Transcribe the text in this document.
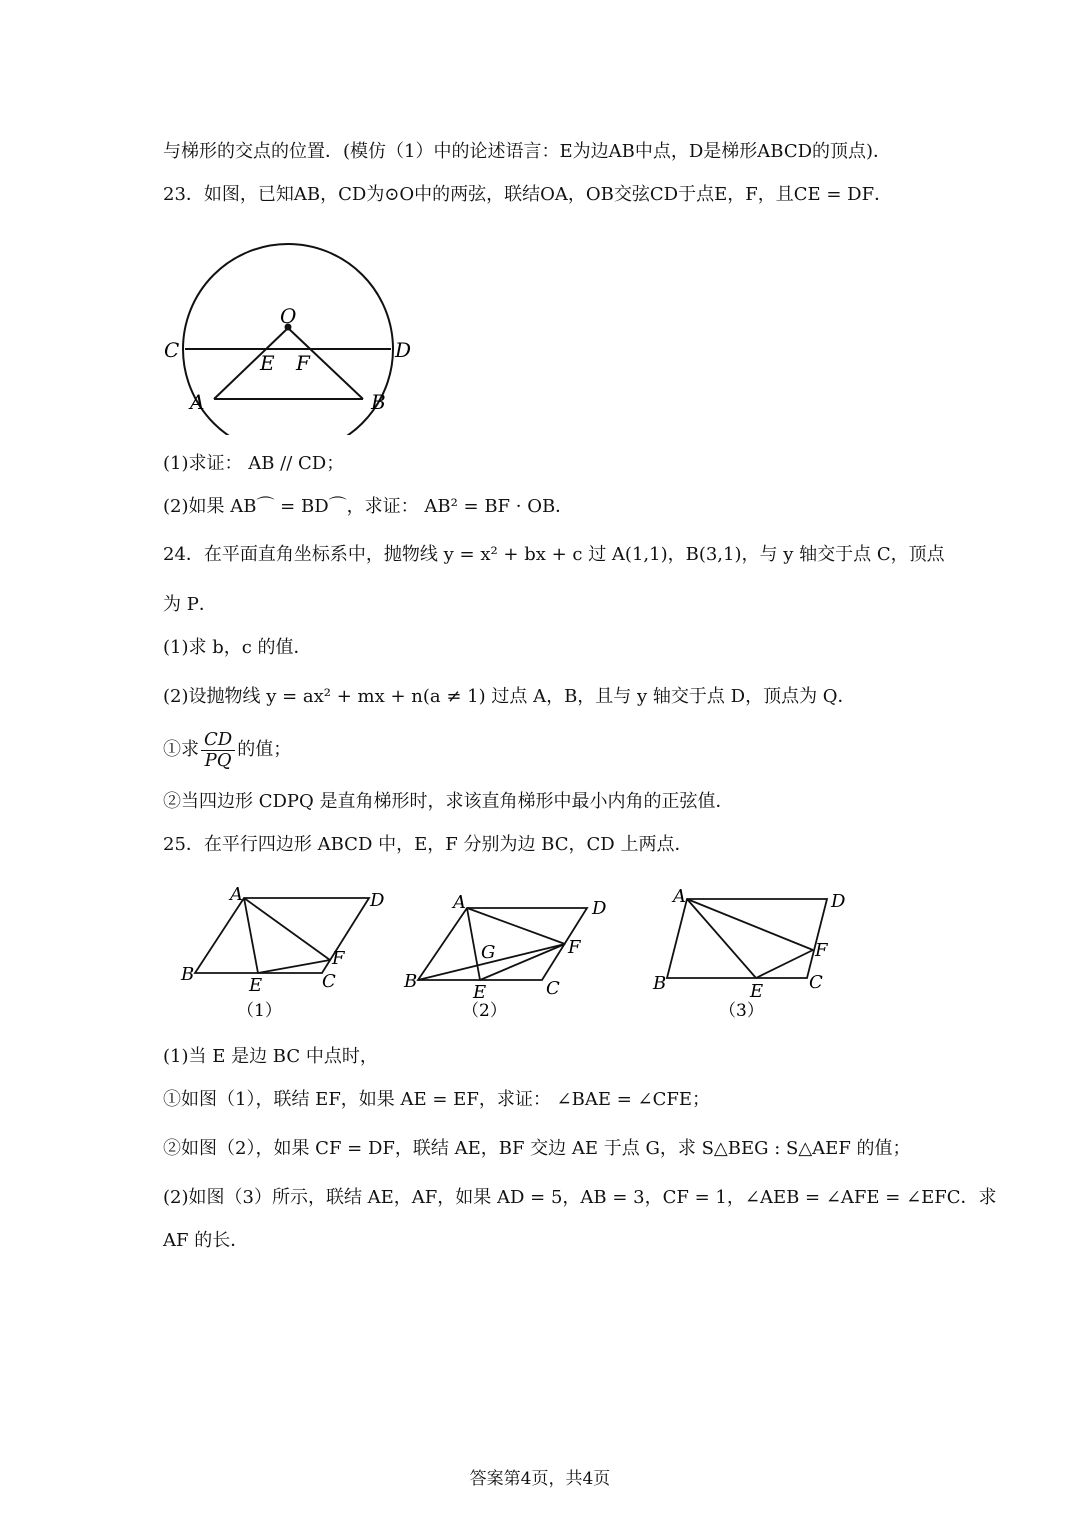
与梯形的交点的位置．(模仿（1）中的论述语言：E为边AB中点，D是梯形ABCD的顶点)．
23．如图，已知AB，CD为⊙O中的两弦，联结OA，OB交弦CD于点E，F，且CE = DF．
O
C	D
E F
A	B
(1)求证： AB // CD；
(2)如果 AB⌒ = BD⌒，求证： AB² = BF · OB．
24．在平面直角坐标系中，抛物线 y = x² + bx + c 过 A(1,1)，B(3,1)，与 y 轴交于点 C，顶点
为 P．
(1)求 b，c 的值．
(2)设抛物线 y = ax² + mx + n(a ≠ 1) 过点 A，B，且与 y 轴交于点 D，顶点为 Q．
①求 $\frac{CD}{PQ}$ 的值；
②当四边形 CDPQ 是直角梯形时，求该直角梯形中最小内角的正弦值．
25．在平行四边形 ABCD 中，E，F 分别为边 BC，CD 上两点．
A	D
B
E	C
F
（1）
A	D
G	F
B
E	C
（2）
A	D
F
B	E	C
（3）
(1)当 E 是边 BC 中点时，
①如图（1），联结 EF，如果 AE = EF，求证： ∠BAE = ∠CFE；
②如图（2），如果 CF = DF，联结 AE，BF 交边 AE 于点 G，求 S△BEG : S△AEF 的值；
(2)如图（3）所示，联结 AE，AF，如果 AD = 5，AB = 3，CF = 1，∠AEB = ∠AFE = ∠EFC．求
AF 的长．
答案第4页，共4页
